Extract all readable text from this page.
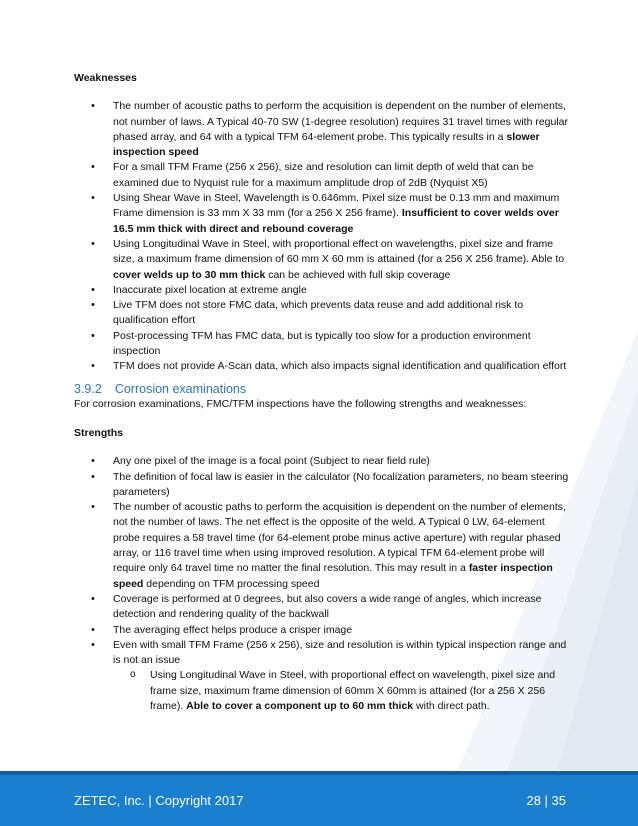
Weaknesses

• The number of acoustic paths to perform the acquisition is dependent on the number of elements, not number of laws. A Typical 40-70 SW (1-degree resolution) requires 31 travel times with regular phased array, and 64 with a typical TFM 64-element probe. This typically results in a slower inspection speed
• For a small TFM Frame (256 x 256), size and resolution can limit depth of weld that can be examined due to Nyquist rule for a maximum amplitude drop of 2dB (Nyquist X5)
• Using Shear Wave in Steel, Wavelength is 0.646mm. Pixel size must be 0.13 mm and maximum Frame dimension is 33 mm X 33 mm (for a 256 X 256 frame). Insufficient to cover welds over 16.5 mm thick with direct and rebound coverage
• Using Longitudinal Wave in Steel, with proportional effect on wavelengths, pixel size and frame size, a maximum frame dimension of 60 mm X 60 mm is attained (for a 256 X 256 frame). Able to cover welds up to 30 mm thick can be achieved with full skip coverage
• Inaccurate pixel location at extreme angle
• Live TFM does not store FMC data, which prevents data reuse and add additional risk to qualification effort
• Post-processing TFM has FMC data, but is typically too slow for a production environment inspection
• TFM does not provide A-Scan data, which also impacts signal identification and qualification effort

3.9.2 Corrosion examinations

For corrosion examinations, FMC/TFM inspections have the following strengths and weaknesses:

Strengths

• Any one pixel of the image is a focal point (Subject to near field rule)
• The definition of focal law is easier in the calculator (No focalization parameters, no beam steering parameters)
• The number of acoustic paths to perform the acquisition is dependent on the number of elements, not the number of laws. The net effect is the opposite of the weld. A Typical 0 LW, 64-element probe requires a 58 travel time (for 64-element probe minus active aperture) with regular phased array, or 116 travel time when using improved resolution. A typical TFM 64-element probe will require only 64 travel time no matter the final resolution. This may result in a faster inspection speed depending on TFM processing speed
• Coverage is performed at 0 degrees, but also covers a wide range of angles, which increase detection and rendering quality of the backwall
• The averaging effect helps produce a crisper image
• Even with small TFM Frame (256 x 256), size and resolution is within typical inspection range and is not an issue
o Using Longitudinal Wave in Steel, with proportional effect on wavelength, pixel size and frame size, maximum frame dimension of 60mm X 60mm is attained (for a 256 X 256 frame). Able to cover a component up to 60 mm thick with direct path.
ZETEC, Inc. | Copyright 2017	28 | 35
